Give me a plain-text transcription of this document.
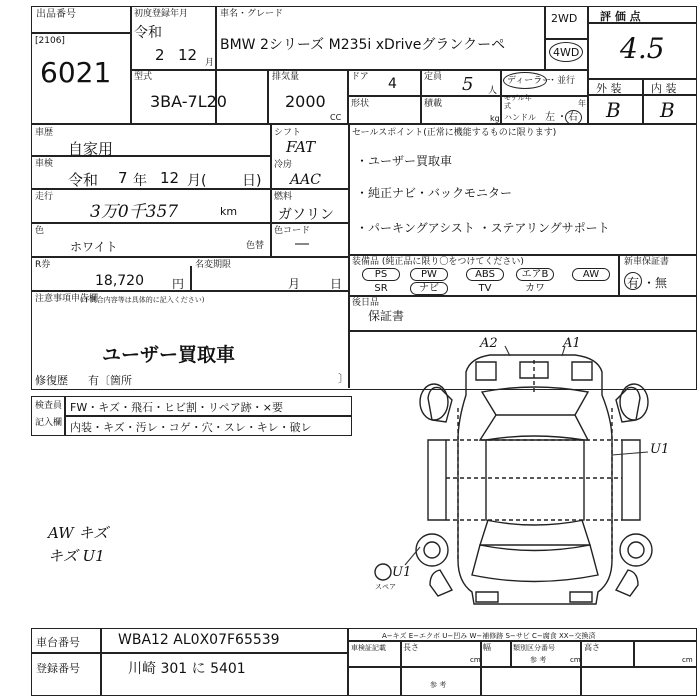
出品番号
[2106]
6021
初度登録年月
令和
2 12 月
車名・グレード
BMW 2シリーズ M235i xDriveグランクーペ
2WD
4WD
評 価 点
4.5
外 装	内 装
B B
型式
3BA-7L20
排気量
2000
CC
ドア 4	定員 5 人
形状	積載
kg
ディーラー
・並行
モデル年式	年
ハンドル 左 ・ 右
車歴
自家用
車検
令和 7 年 12 月(	日)
走行
3万0千357	km
色
ホワイト	色替
シフト
FAT
冷房
AAC
燃料
ガソリン
色コード
―
R券
18,720 円
名変期限
月 日
注意事項申告欄
(不具合内容等は具体的に記入ください)
ユーザー買取車
修復歴 有〔箇所	〕
セールスポイント(正常に機能するものに限ります)
・ユーザー買取車
・純正ナビ・バックモニター
・パーキングアシスト ・ステアリングサポート
装備品 (純正品に限り〇をつけてください)
PS	PW	ABS	エアB	AW
SR	ナビ	TV	カワ
新車保証書
有 ・無
後日品
保証書
検査員
記入欄
FW・キズ・飛石・ヒビ割・リペア跡・×要
内装・キズ・汚レ・コゲ・穴・スレ・キレ・破レ
AW キズ
キズ U1
A2	A1
U1
U1
スペア
A−キズ E−エクボ U−凹み W−補修跡 S−サビ C−腐食 XX−交換済
車台番号	WBA12 AL0X07F65539
登録番号	川崎 301 に 5401
車検証記載 長さ
cm
幅
cm
高さ
cm
類別区分番号
参 考
参 考
